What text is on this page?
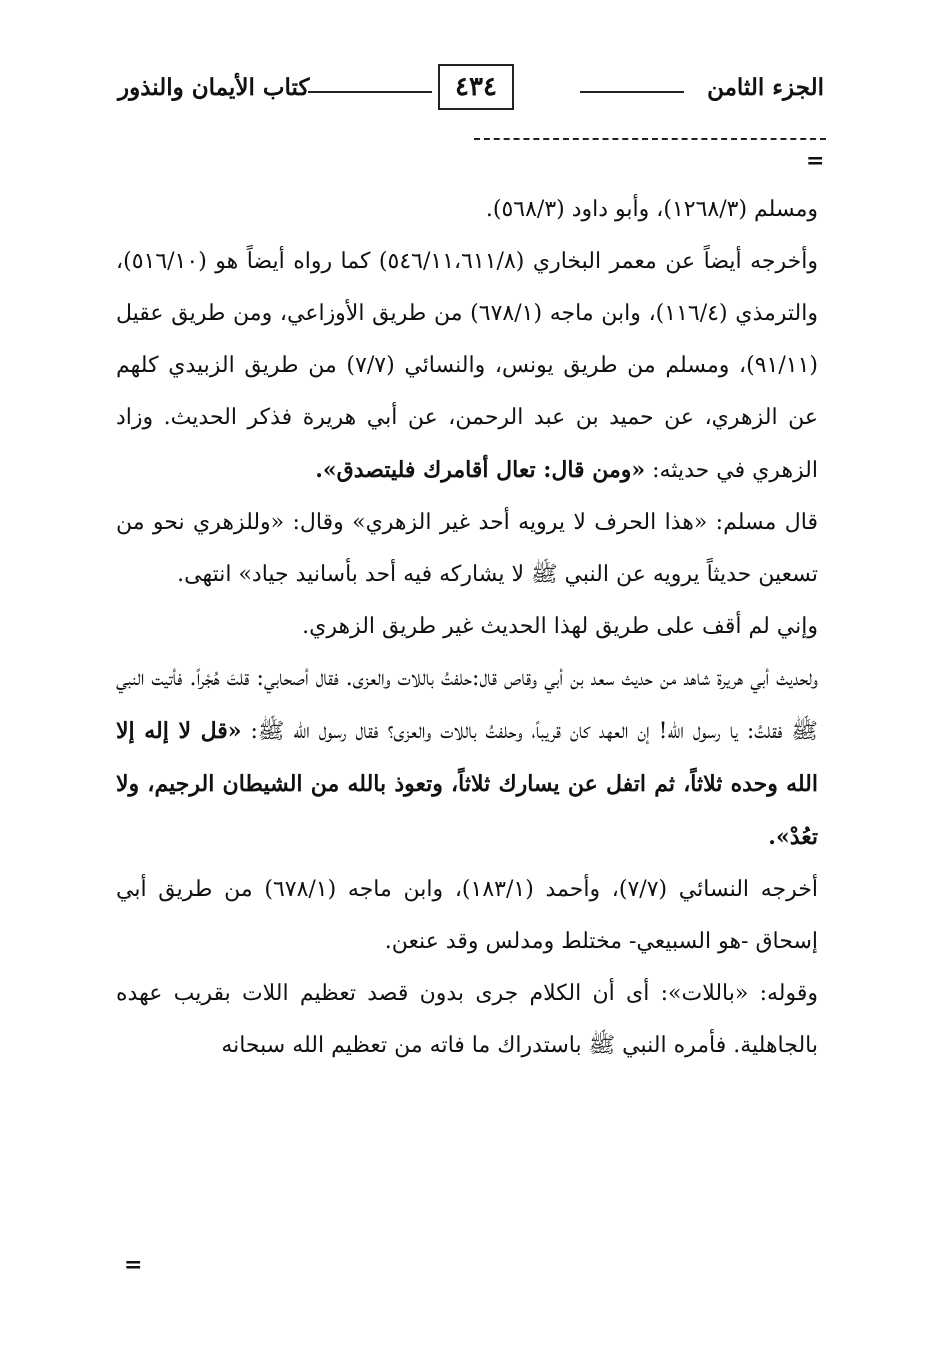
الجزء الثامن
٤٣٤
كتاب الأيمان والنذور
=

ومسلم (١٢٦٨/٣)، وأبو داود (٥٦٨/٣).

وأخرجه أيضاً عن معمر البخاري (٥٤٦/١١،٦١١/٨) كما رواه أيضاً هو (٥١٦/١٠)، والترمذي (١١٦/٤)، وابن ماجه (٦٧٨/١) من طريق الأوزاعي، ومن طريق عقيل (٩١/١١)، ومسلم من طريق يونس، والنسائي (٧/٧) من طريق الزبيدي كلهم عن الزهري، عن حميد بن عبد الرحمن، عن أبي هريرة فذكر الحديث. وزاد الزهري في حديثه: «ومن قال: تعال أقامرك فليتصدق».

قال مسلم: «هذا الحرف لا يرويه أحد غير الزهري» وقال: «وللزهري نحو من تسعين حديثاً يرويه عن النبي ﷺ لا يشاركه فيه أحد بأسانيد جياد» انتهى.

وإني لم أقف على طريق لهذا الحديث غير طريق الزهري.

ولحديث أبي هريرة شاهد من حديث سعد بن أبي وقاص قال:حلفتُ باللات والعزى. فقال أصحابي: قلتَ هُجْراً. فأتيت النبي ﷺ فقلتُ: يا رسول الله! إن العهد كان قريباً، وحلفتُ باللات والعزى؟ فقال رسول الله ﷺ: «قل لا إله إلا الله وحده ثلاثاً، ثم اتفل عن يسارك ثلاثاً، وتعوذ بالله من الشيطان الرجيم، ولا تعُدْ».

أخرجه النسائي (٧/٧)، وأحمد (١٨٣/١)، وابن ماجه (٦٧٨/١) من طريق أبي إسحاق -هو السبيعي- مختلط ومدلس وقد عنعن.

وقوله: «باللات»: أى أن الكلام جرى بدون قصد تعظيم اللات بقريب عهده بالجاهلية. فأمره النبي ﷺ باستدراك ما فاته من تعظيم الله سبحانه

=
